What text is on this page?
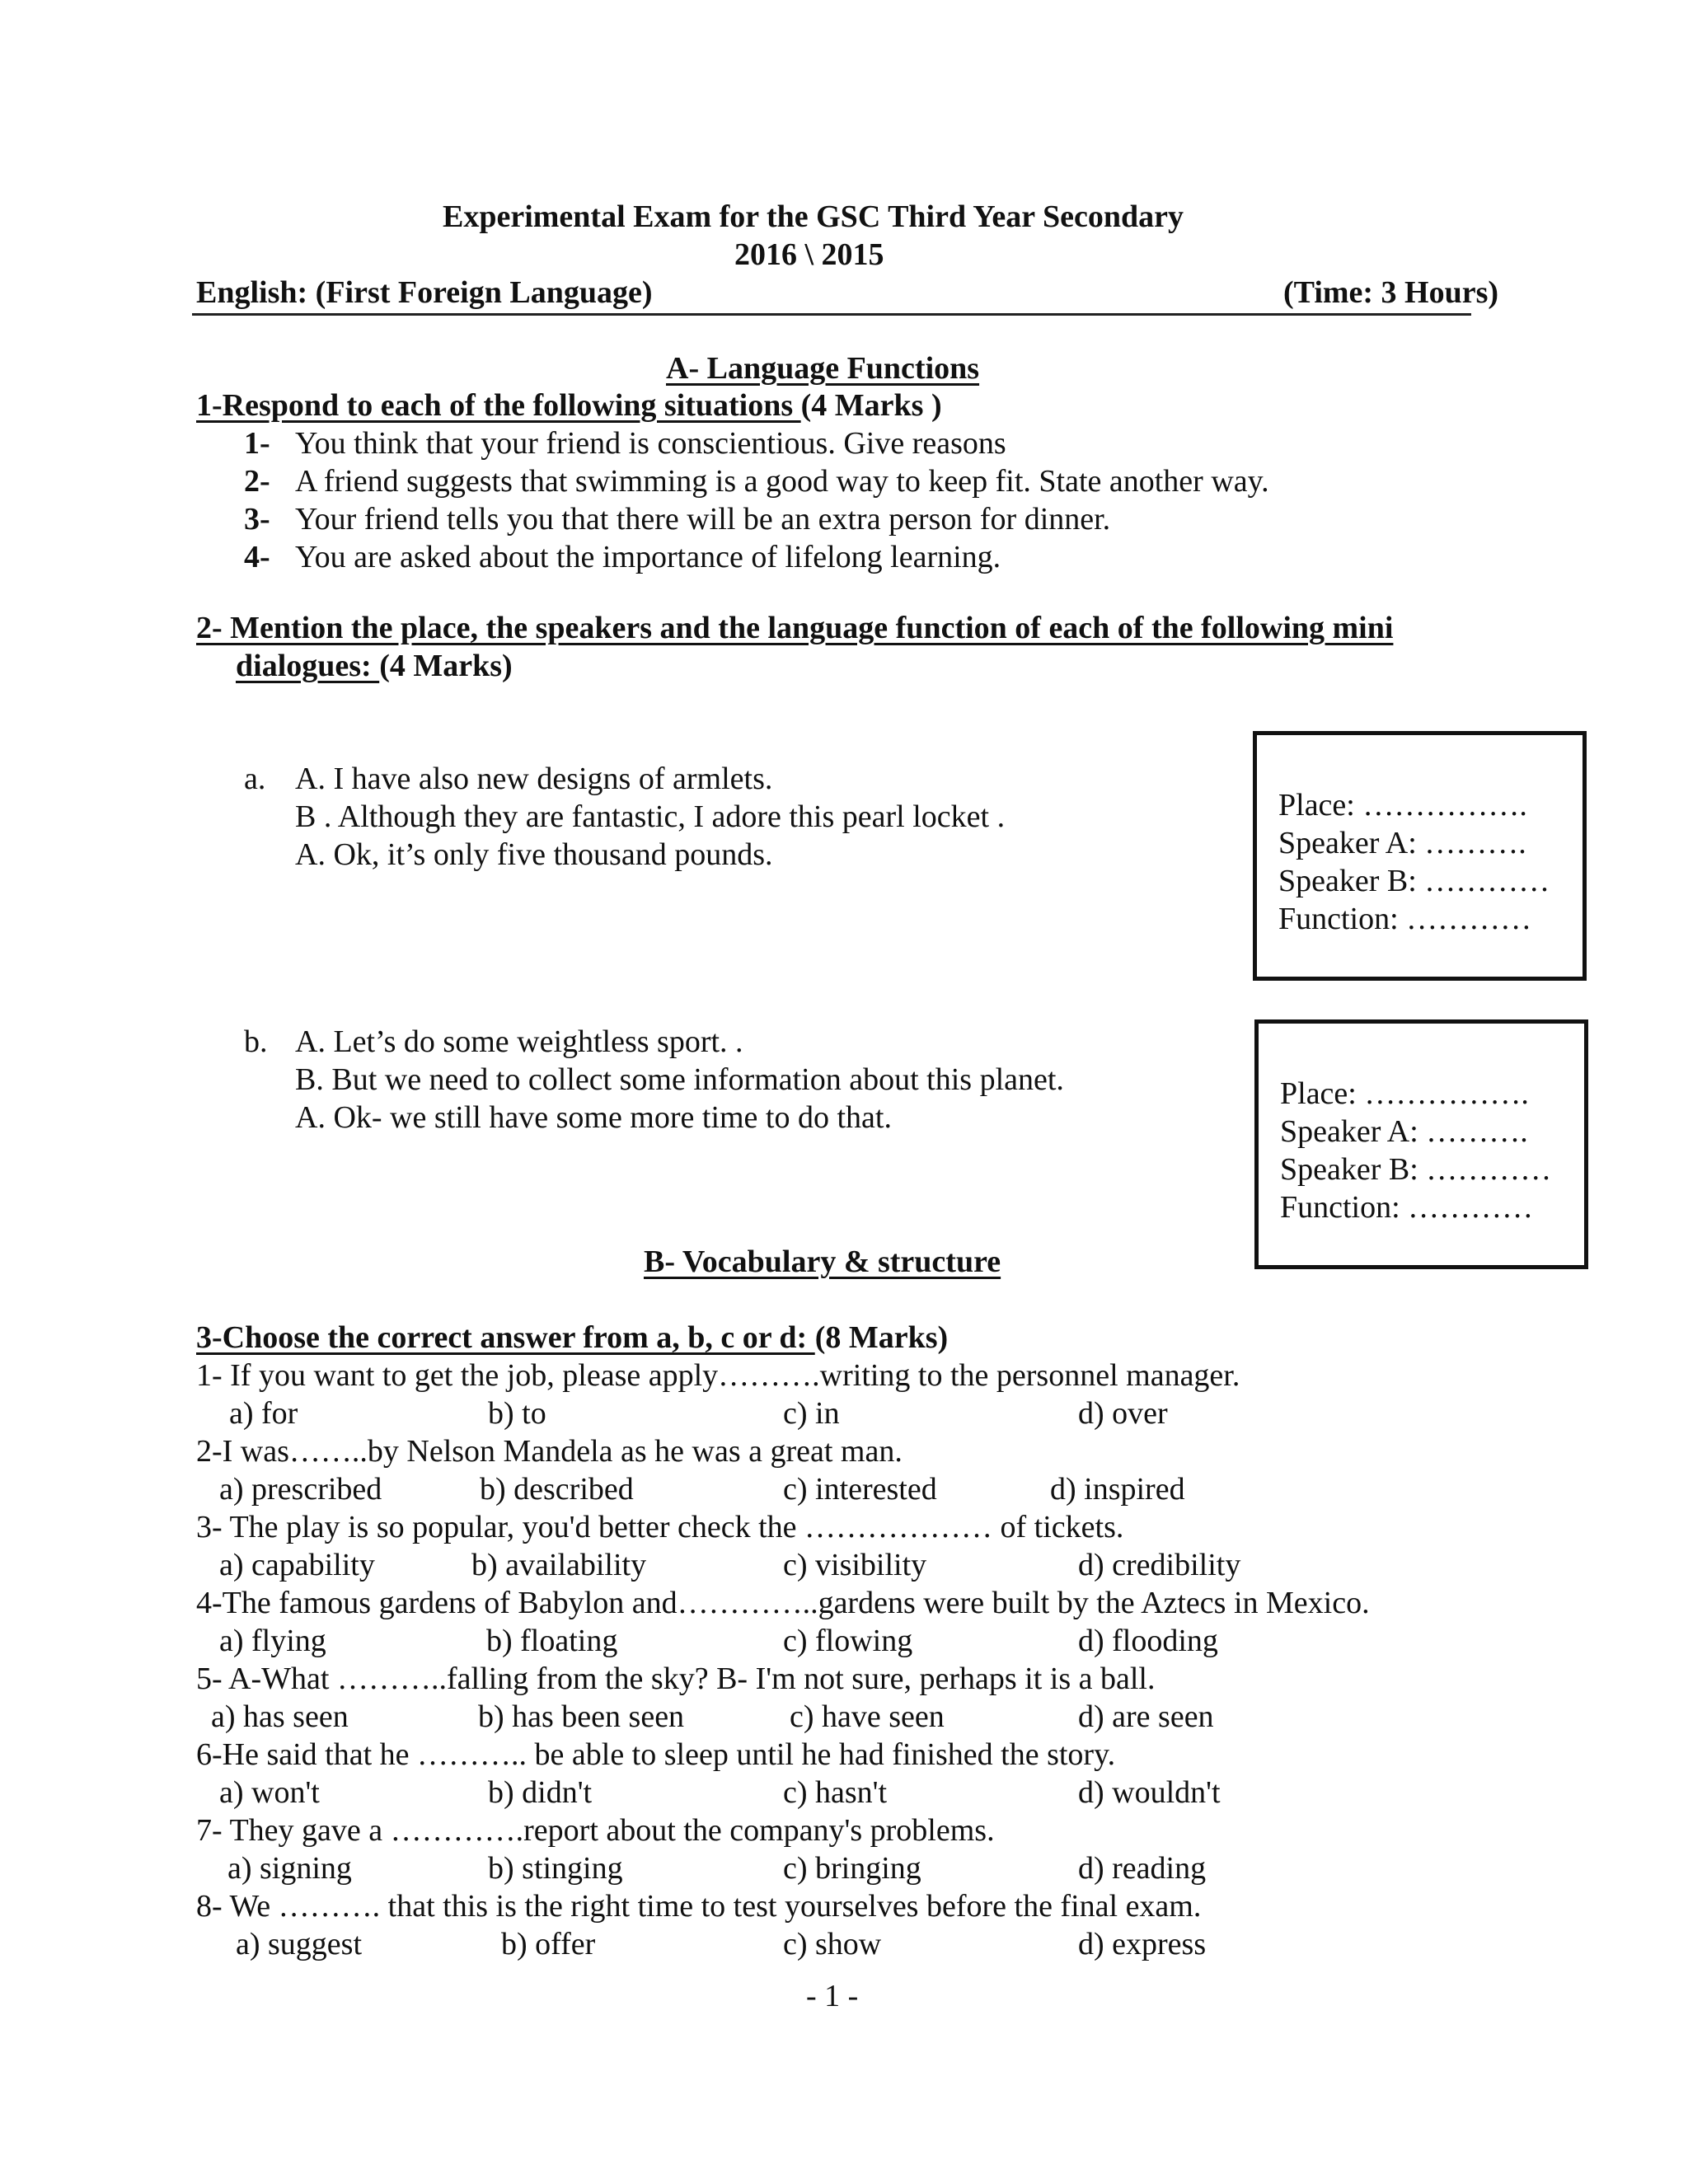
Experimental Exam for the GSC Third Year Secondary
2016 \ 2015
English: (First Foreign Language)	(Time: 3 Hours)
A- Language Functions
1-Respond to each of the following situations (4 Marks )
1- You think that your friend is conscientious. Give reasons
2- A friend suggests that swimming is a good way to keep fit. State another way.
3- Your friend tells you that there will be an extra person for dinner.
4- You are asked about the importance of lifelong learning.
2- Mention the place, the speakers and the language function of each of the following mini
dialogues: (4 Marks)
a. A. I have also new designs of armlets.
B . Although they are fantastic, I adore this pearl locket .
A. Ok, it’s only five thousand pounds.
Place: …………….
Speaker A: ……….
Speaker B: …………
Function: …………
b. A. Let’s do some weightless sport. .
B. But we need to collect some information about this planet.
A. Ok- we still have some more time to do that.
Place: …………….
Speaker A: ……….
Speaker B: …………
Function: …………
B- Vocabulary & structure
3-Choose the correct answer from a, b, c or d: (8 Marks)
1- If you want to get the job, please apply……….writing to the personnel manager.
a) for	b) to	c) in	d) over
2-I was……..by Nelson Mandela as he was a great man.
a) prescribed	b) described	c) interested	d) inspired
3- The play is so popular, you'd better check the ……………… of tickets.
a) capability	b) availability	c) visibility	d) credibility
4-The famous gardens of Babylon and…………..gardens were built by the Aztecs in Mexico.
a) flying	b) floating	c) flowing	d) flooding
5- A-What ………..falling from the sky? B- I'm not sure, perhaps it is a ball.
a) has seen	b) has been seen	c) have seen	d) are seen
6-He said that he ……….. be able to sleep until he had finished the story.
a) won't	b) didn't	c) hasn't	d) wouldn't
7- They gave a ………….report about the company's problems.
a) signing	b) stinging	c) bringing	d) reading
8- We ………. that this is the right time to test yourselves before the final exam.
a) suggest	b) offer	c) show	d) express
- 1 -
